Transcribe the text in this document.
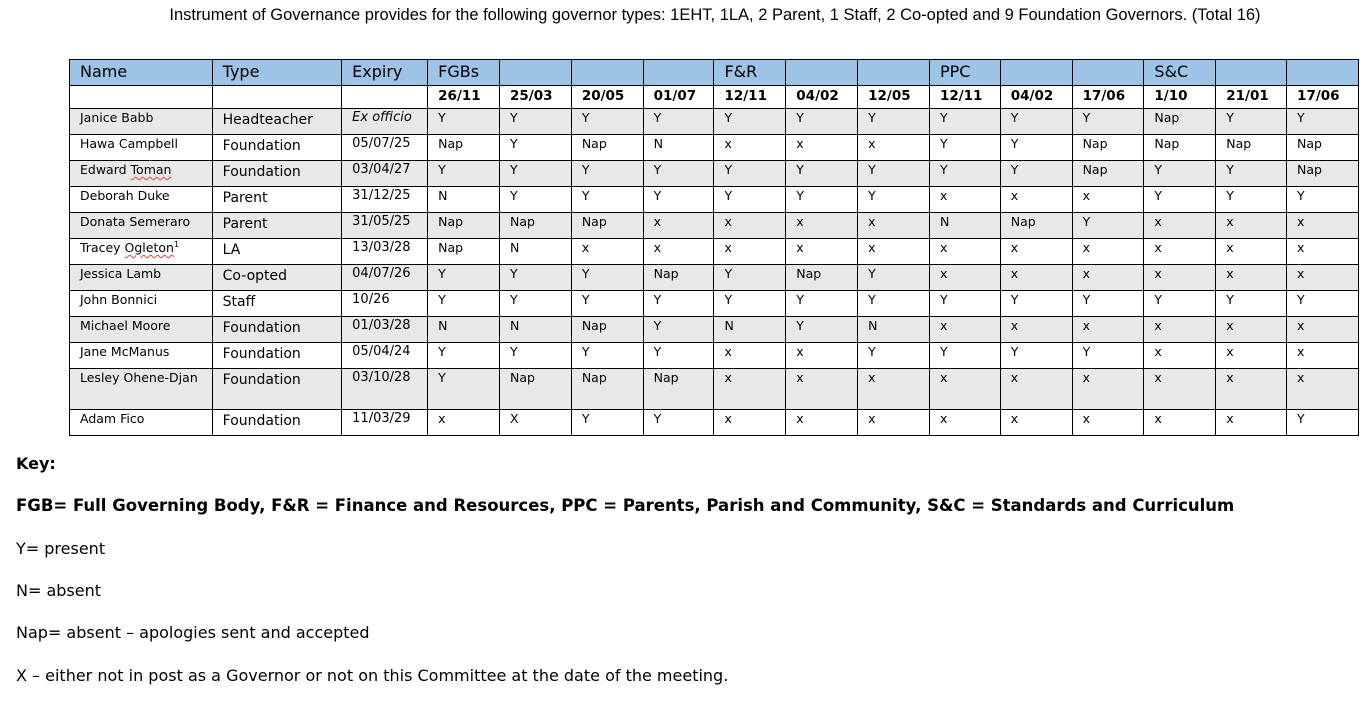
Instrument of Governance provides for the following governor types: 1EHT, 1LA, 2 Parent, 1 Staff, 2 Co-opted and 9 Foundation Governors. (Total 16)
Name	Type	Expiry	FGBs				F&R			PPC			S&C		
			26/11	25/03	20/05	01/07	12/11	04/02	12/05	12/11	04/02	17/06	1/10	21/01	17/06
Janice Babb	Headteacher	Ex officio	Y	Y	Y	Y	Y	Y	Y	Y	Y	Y	Nap	Y	Y
Hawa Campbell	Foundation	05/07/25	Nap	Y	Nap	N	x	x	x	Y	Y	Nap	Nap	Nap	Nap
Edward Toman	Foundation	03/04/27	Y	Y	Y	Y	Y	Y	Y	Y	Y	Nap	Y	Y	Nap
Deborah Duke	Parent	31/12/25	N	Y	Y	Y	Y	Y	Y	x	x	x	Y	Y	Y
Donata Semeraro	Parent	31/05/25	Nap	Nap	Nap	x	x	x	x	N	Nap	Y	x	x	x
Tracey Ogleton$^1$	LA	13/03/28	Nap	N	x	x	x	x	x	x	x	x	x	x	x
Jessica Lamb	Co-opted	04/07/26	Y	Y	Y	Nap	Y	Nap	Y	x	x	x	x	x	x
John Bonnici	Staff	10/26	Y	Y	Y	Y	Y	Y	Y	Y	Y	Y	Y	Y	Y
Michael Moore	Foundation	01/03/28	N	N	Nap	Y	N	Y	N	x	x	x	x	x	x
Jane McManus	Foundation	05/04/24	Y	Y	Y	Y	x	x	Y	Y	Y	Y	x	x	x
Lesley Ohene-Djan	Foundation	03/10/28	Y	Nap	Nap	Nap	x	x	x	x	x	x	x	x	x
Adam Fico	Foundation	11/03/29	x	X	Y	Y	x	x	x	x	x	x	x	x	Y
Key:
FGB= Full Governing Body, F&R = Finance and Resources, PPC = Parents, Parish and Community, S&C = Standards and Curriculum
Y= present
N= absent
Nap= absent – apologies sent and accepted
X – either not in post as a Governor or not on this Committee at the date of the meeting.
